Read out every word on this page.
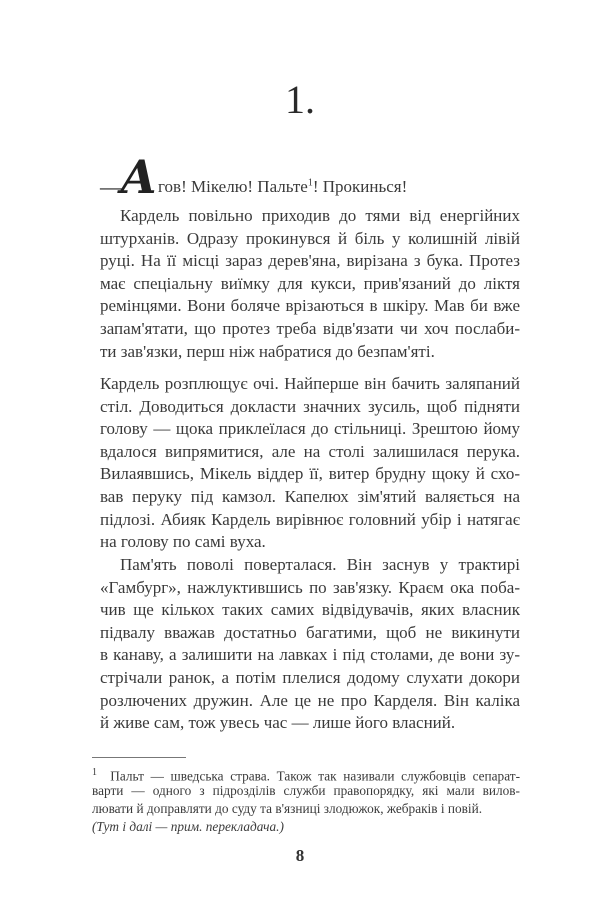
1.
—
А гов! Мікелю! Пальте$^1$! Прокинься!
Кардель повільно приходив до тями від енергійних
штурханів. Одразу прокинувся й біль у колишній лівій
руці. На її місці зараз дерев'яна, вирізана з бука. Протез
має спеціальну виїмку для кукси, прив'язаний до ліктя
ремінцями. Вони боляче врізаються в шкіру. Мав би вже
запам'ятати, що протез треба відв'язати чи хоч послаби-
ти зав'язки, перш ніж набратися до безпам'яті.
Кардель розплющує очі. Найперше він бачить заляпаний
стіл. Доводиться докласти значних зусиль, щоб підняти
голову — щока приклеїлася до стільниці. Зрештою йому
вдалося випрямитися, але на столі залишилася перука.
Вилаявшись, Мікель віддер її, витер брудну щоку й схо-
вав перуку під камзол. Капелюх зім'ятий валяється на
підлозі. Абияк Кардель вирівнює головний убір і натягає
на голову по самі вуха.
Пам'ять поволі поверталася. Він заснув у трактирі
«Гамбург», нажлуктившись по зав'язку. Краєм ока поба-
чив ще кількох таких самих відвідувачів, яких власник
підвалу вважав достатньо багатими, щоб не викинути
в канаву, а залишити на лавках і під столами, де вони зу-
стрічали ранок, а потім плелися додому слухати докори
розлючених дружин. Але це не про Карделя. Він каліка
й живе сам, тож увесь час — лише його власний.
$^1$ Пальт — шведська страва. Також так називали службовців сепарат-
варти — одного з підрозділів служби правопорядку, які мали вилов-
лювати й доправляти до суду та в'язниці злодюжок, жебраків і повій.
(Тут і далі — прим. перекладача.)
8
